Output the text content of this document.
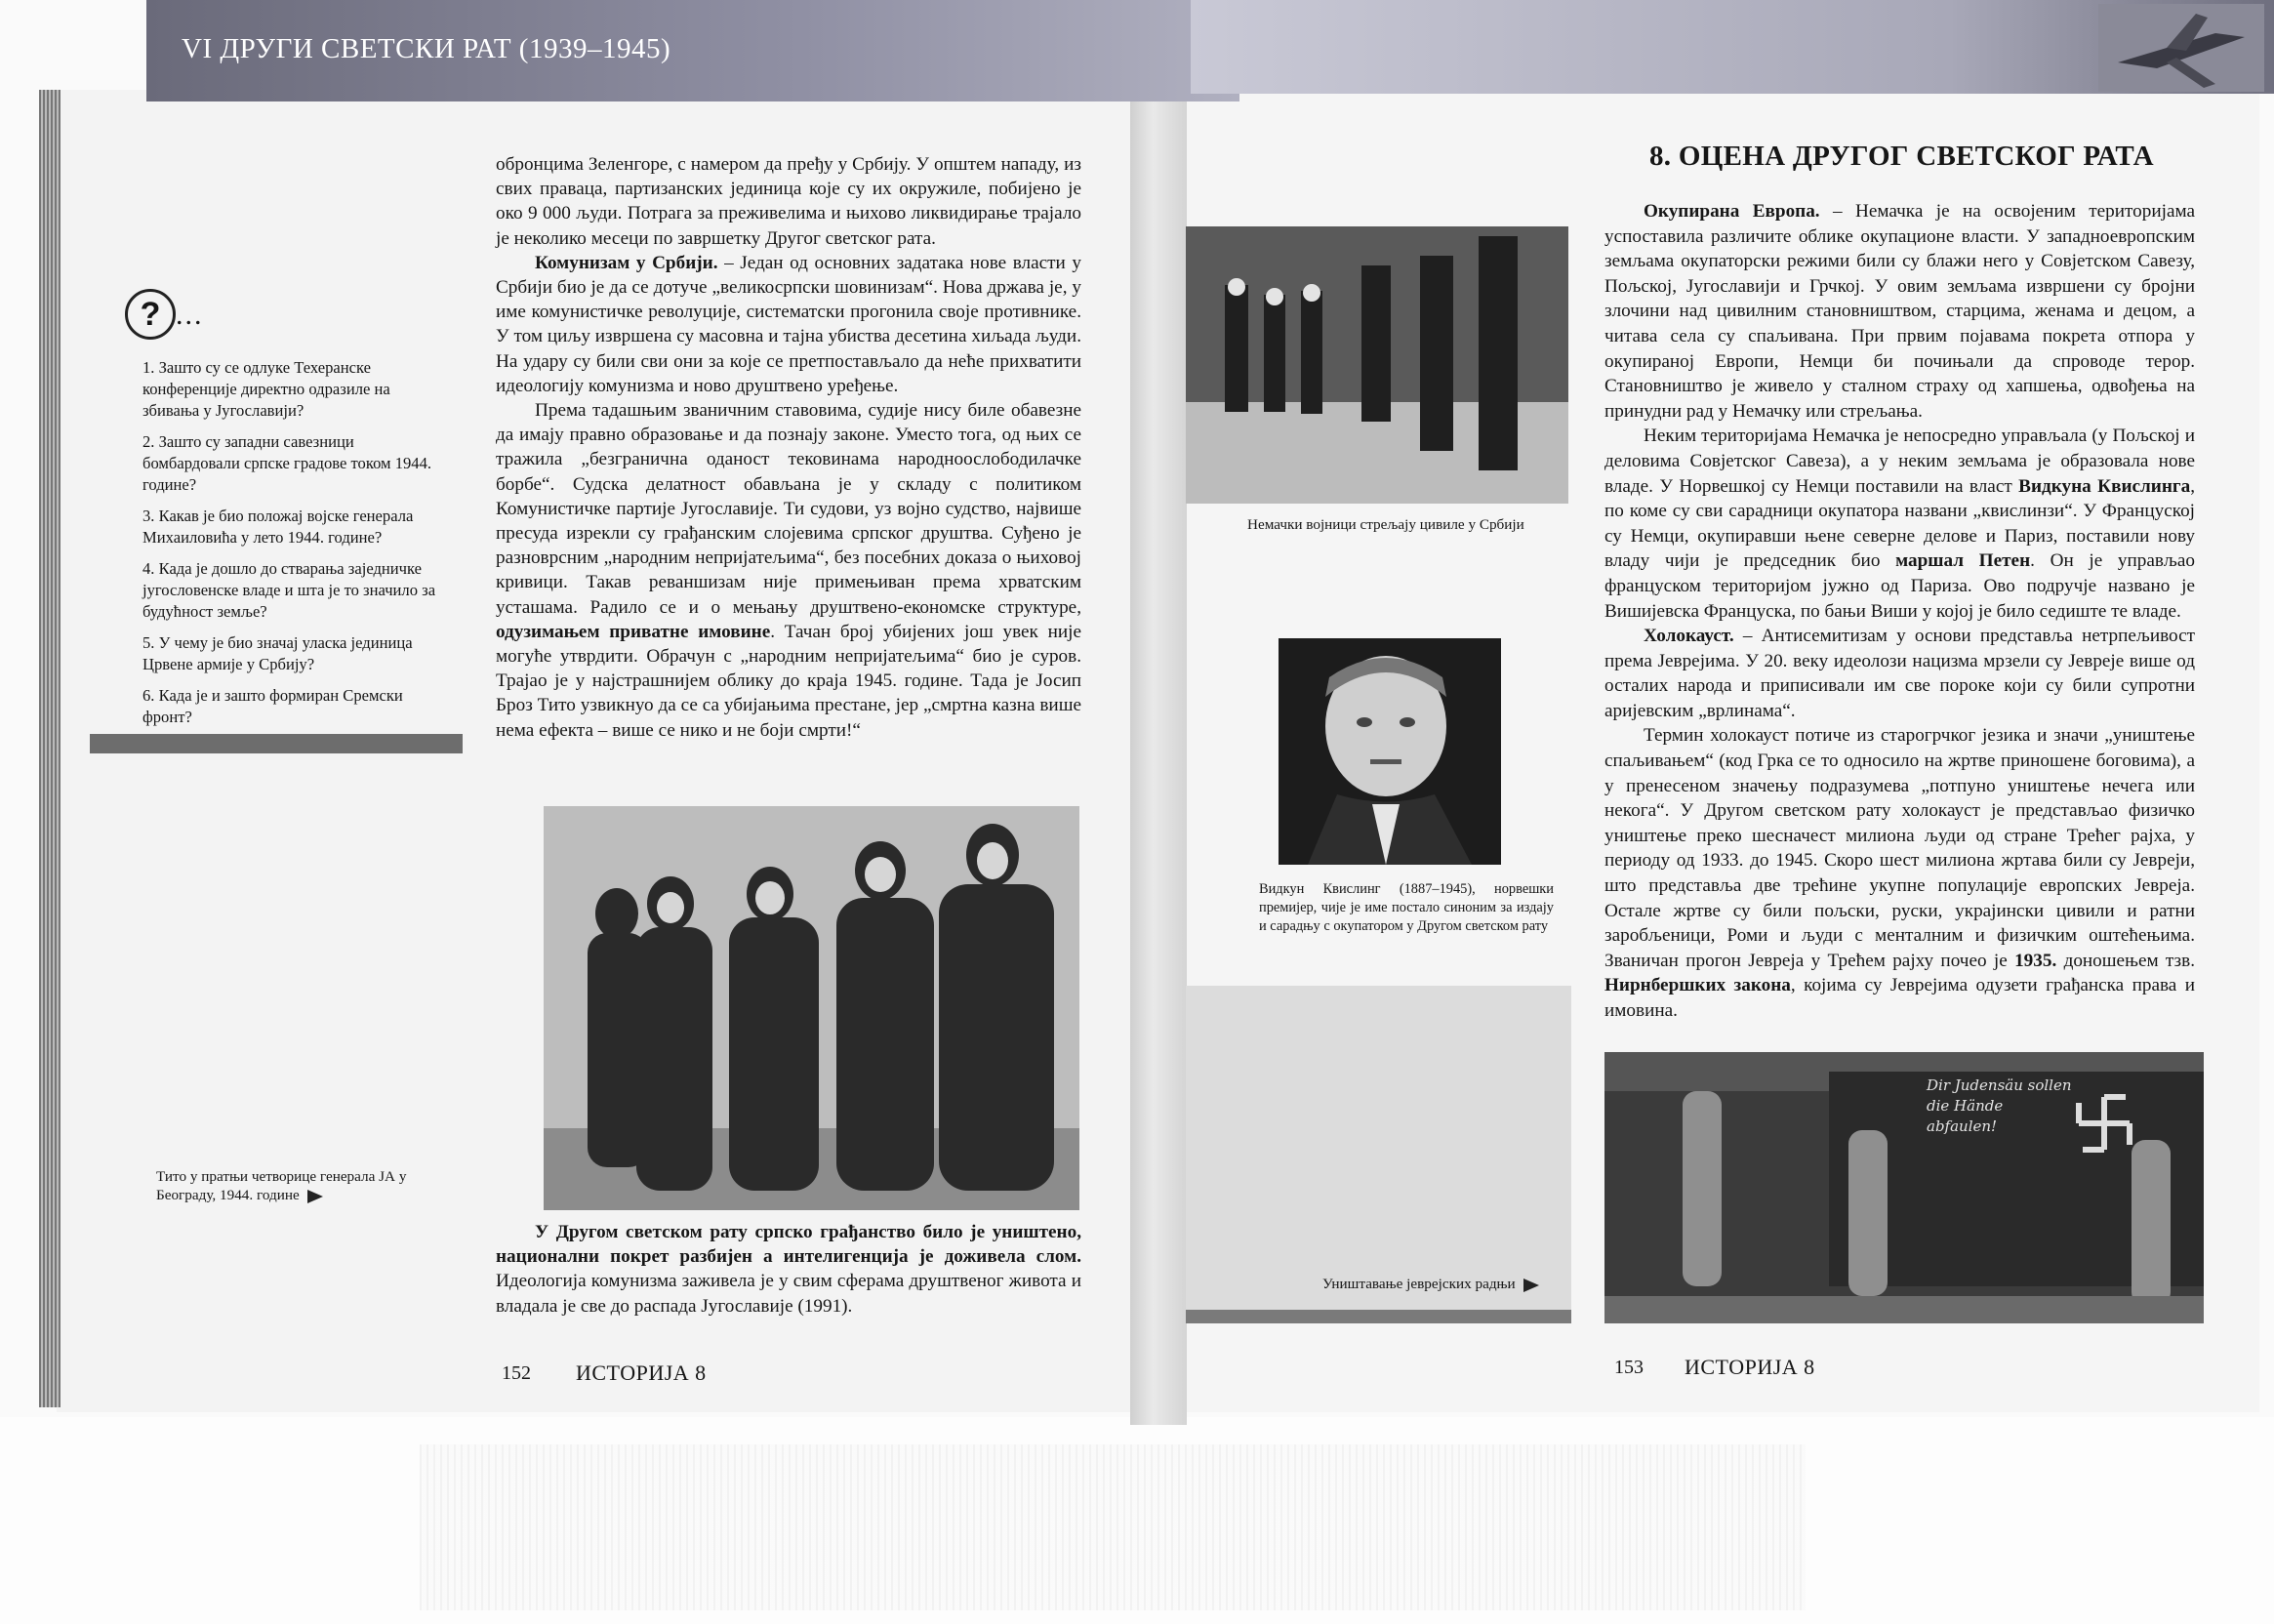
VI ДРУГИ СВЕТСКИ РАТ (1939–1945)
? ...

1. Зашто су се одлуке Техеранске конференције директно одразиле на збивања у Југославији?

2. Зашто су западни савезници бомбардовали српске градове током 1944. године?

3. Какав је био положај војске генерала Михаиловића у лето 1944. године?

4. Када је дошло до стварања заједничке југословенске владе и шта је то значило за будућност земље?

5. У чему је био значај уласка јединица Црвене армије у Србију?

6. Када је и зашто формиран Сремски фронт?

обронцима Зеленгоре, с намером да пређу у Србију. У општем нападу, из свих праваца, партизанских јединица које су их окружиле, побијено је око 9 000 људи. Потрага за преживелима и њихово ликвидирање трајало је неколико месеци по завршетку Другог светског рата.

Комунизам у Србији. – Један од основних задатака нове власти у Србији био је да се дотуче „великосрпски шовинизам“. Нова држава је, у име комунистичке револуције, систематски прогонила своје противнике. У том циљу извршена су масовна и тајна убиства десетина хиљада људи. На удару су били сви они за које се претпостављало да неће прихватити идеологију комунизма и ново друштвено уређење.

Према тадашњим званичним ставовима, судије нису биле обавезне да имају правно образовање и да познају законе. Уместо тога, од њих се тражила „безгранична оданост тековинама народноослободилачке борбе“. Судска делатност обављана је у складу с политиком Комунистичке партије Југославије. Ти судови, уз војно судство, највише пресуда изрекли су грађанским слојевима српског друштва. Суђено је разноврсним „народним непријатељима“, без посебних доказа о њиховој кривици. Такав реваншизам није примењиван према хрватским усташама. Радило се и о мењању друштвено-економске структуре, одузимањем приватне имовине. Тачан број убијених још увек није могуће утврдити. Обрачун с „народним непријатељима“ био је суров. Трајао је у најстрашнијем облику до краја 1945. године. Тада је Јосип Броз Тито узвикнуо да се са убијањима престане, јер „смртна казна више нема ефекта – више се нико и не боји смрти!“

Тито у пратњи четворице генерала ЈА у Београду, 1944. године
У Другом светском рату српско грађанство било је уништено, национални покрет разбијен а интелигенција је доживела слом. Идеологија комунизма заживела је у свим сферама друштвеног живота и владала је све до распада Југославије (1991).
152 ИСТОРИЈА 8
Немачки војници стрељају цивиле у Србији
Видкун Квислинг (1887–1945), норвешки премијер, чије је име постало синоним за издају и сарадњу с окупатором у Другом светском рату
Уништавање јеврејских радњи
8. ОЦЕНА ДРУГОГ СВЕТСКОГ РАТА

Окупирана Европа. – Немачка је на освојеним територијама успоставила различите облике окупационе власти. У западноевропским земљама окупаторски режими били су блажи него у Совјетском Савезу, Пољској, Југославији и Грчкој. У овим земљама извршени су бројни злочини над цивилним становништвом, старцима, женама и децом, а читава села су спаљивана. При првим појавама покрета отпора у окупираној Европи, Немци би почињали да спроводе терор. Становништво је живело у сталном страху од хапшења, одвођења на принудни рад у Немачку или стрељања.

Неким територијама Немачка је непосредно управљала (у Пољској и деловима Совјетског Савеза), а у неким земљама је образовала нове владе. У Норвешкој су Немци поставили на власт Видкуна Квислинга, по коме су сви сарадници окупатора названи „квислинзи“. У Француској су Немци, окупиравши њене северне делове и Париз, поставили нову владу чији је председник био маршал Петен. Он је управљао француском територијом јужно од Париза. Ово подручје названо је Вишијевска Француска, по бањи Виши у којој је било седиште те владе.

Холокауст. – Антисемитизам у основи представља нетрпељивост према Јеврејима. У 20. веку идеолози нацизма мрзели су Јевреје више од осталих народа и приписивали им све пороке који су били супротни аријевским „врлинама“.

Термин холокауст потиче из старогрчког језика и значи „уништење спаљивањем“ (код Грка се то односило на жртве приношене боговима), а у пренесеном значењу подразумева „потпуно уништење нечега или некога“. У Другом светском рату холокауст је представљао физичко уништење преко шесначест милиона људи од стране Трећег рајха, у периоду од 1933. до 1945. Скоро шест милиона жртава били су Јевреји, што представља две трећине укупне популације европских Јевреја. Остале жртве су били пољски, руски, украјински цивили и ратни заробљеници, Роми и људи с менталним и физичким оштећењима. Званичан прогон Јевреја у Трећем рајху почео је 1935. доношењем тзв. Нирнбершких закона, којима су Јеврејима одузети грађанска права и имовина.

Dir Judensäu sollen die Hände abfaulen!
153 ИСТОРИЈА 8
